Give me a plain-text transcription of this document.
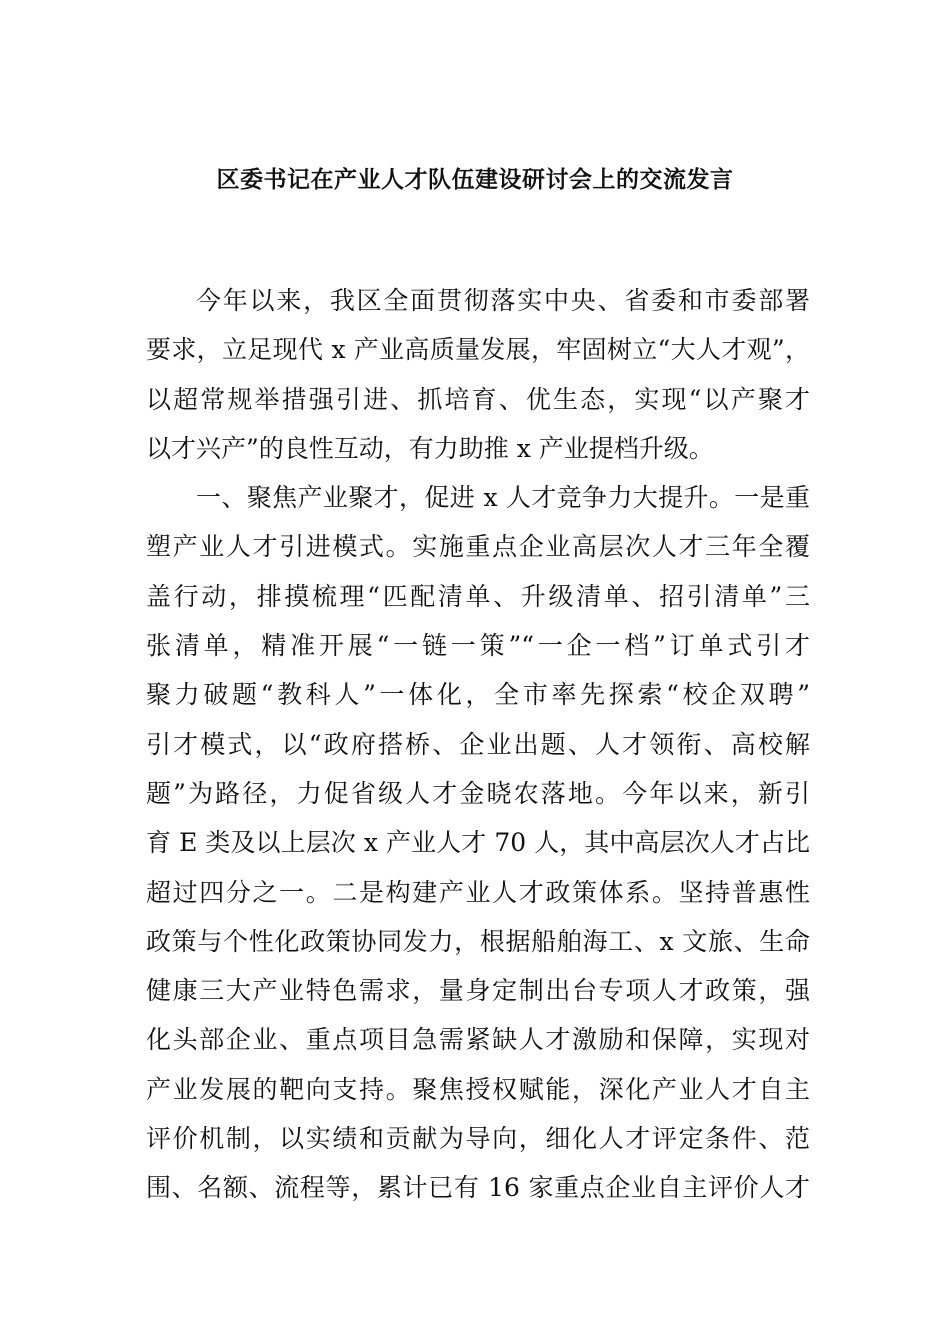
区委书记在产业人才队伍建设研讨会上的交流发言
今年以来，我区全面贯彻落实中央、省委和市委部署
要求，立足现代 x 产业高质量发展，牢固树立“大人才观”，
以超常规举措强引进、抓培育、优生态，实现“以产聚才
以才兴产”的良性互动，有力助推 x 产业提档升级。
一、聚焦产业聚才，促进 x 人才竞争力大提升。一是重
塑产业人才引进模式。实施重点企业高层次人才三年全覆
盖行动，排摸梳理“匹配清单、升级清单、招引清单”三
张清单，精准开展“一链一策”“一企一档”订单式引才
聚力破题“教科人”一体化，全市率先探索“校企双聘”
引才模式，以“政府搭桥、企业出题、人才领衔、高校解
题”为路径，力促省级人才金晓农落地。今年以来，新引
育 E 类及以上层次 x 产业人才 70 人，其中高层次人才占比
超过四分之一。二是构建产业人才政策体系。坚持普惠性
政策与个性化政策协同发力，根据船舶海工、x 文旅、生命
健康三大产业特色需求，量身定制出台专项人才政策，强
化头部企业、重点项目急需紧缺人才激励和保障，实现对
产业发展的靶向支持。聚焦授权赋能，深化产业人才自主
评价机制，以实绩和贡献为导向，细化人才评定条件、范
围、名额、流程等，累计已有 16 家重点企业自主评价人才
